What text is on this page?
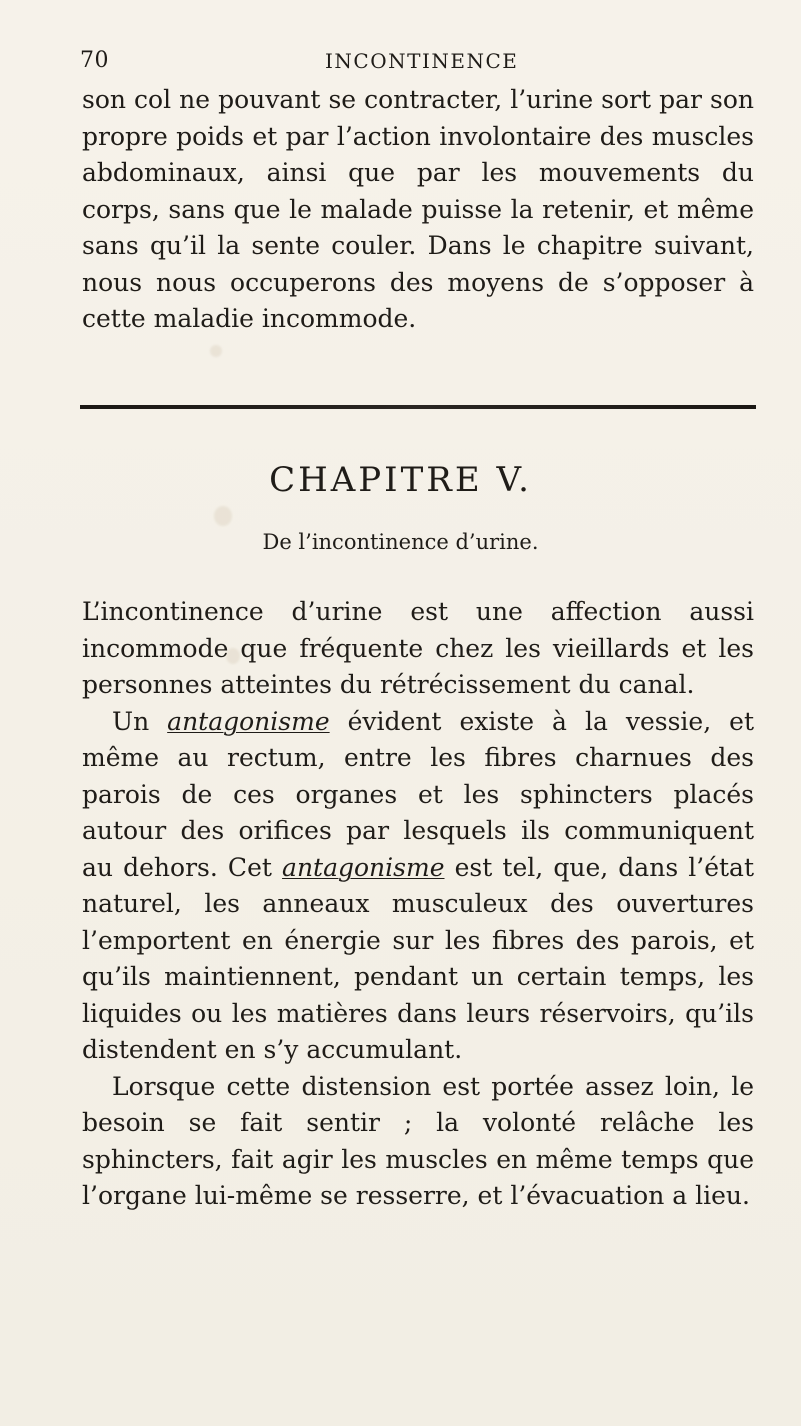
70	INCONTINENCE

son col ne pouvant se contracter, l’urine sort par son propre poids et par l’action involontaire des muscles abdominaux, ainsi que par les mouvements du corps, sans que le malade puisse la retenir, et même sans qu’il la sente couler. Dans le chapitre suivant, nous nous occuperons des moyens de s’opposer à cette maladie incommode.

CHAPITRE V.
De l’incontinence d’urine.

L’incontinence d’urine est une affection aussi incommode que fréquente chez les vieillards et les personnes atteintes du rétrécissement du canal.

Un antagonisme évident existe à la vessie, et même au rectum, entre les fibres charnues des parois de ces organes et les sphincters placés autour des orifices par lesquels ils communiquent au dehors. Cet antagonisme est tel, que, dans l’état naturel, les anneaux musculeux des ouvertures l’emportent en énergie sur les fibres des parois, et qu’ils maintiennent, pendant un certain temps, les liquides ou les matières dans leurs réservoirs, qu’ils distendent en s’y accumulant.

Lorsque cette distension est portée assez loin, le besoin se fait sentir ; la volonté relâche les sphincters, fait agir les muscles en même temps que l’organe lui-même se resserre, et l’évacuation a lieu.
